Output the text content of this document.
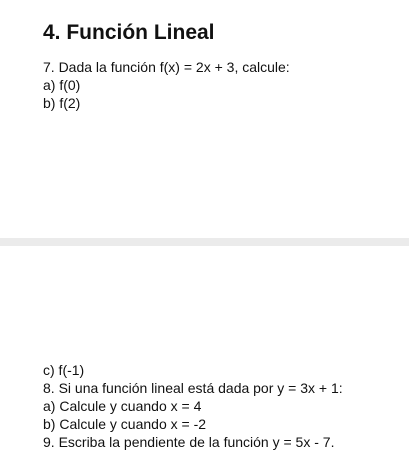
4. Función Lineal

7. Dada la función f(x) = 2x + 3, calcule:

a) f(0)

b) f(2)

c) f(-1)

8. Si una función lineal está dada por y = 3x + 1:

a) Calcule y cuando x = 4

b) Calcule y cuando x = -2

9. Escriba la pendiente de la función y = 5x - 7.
